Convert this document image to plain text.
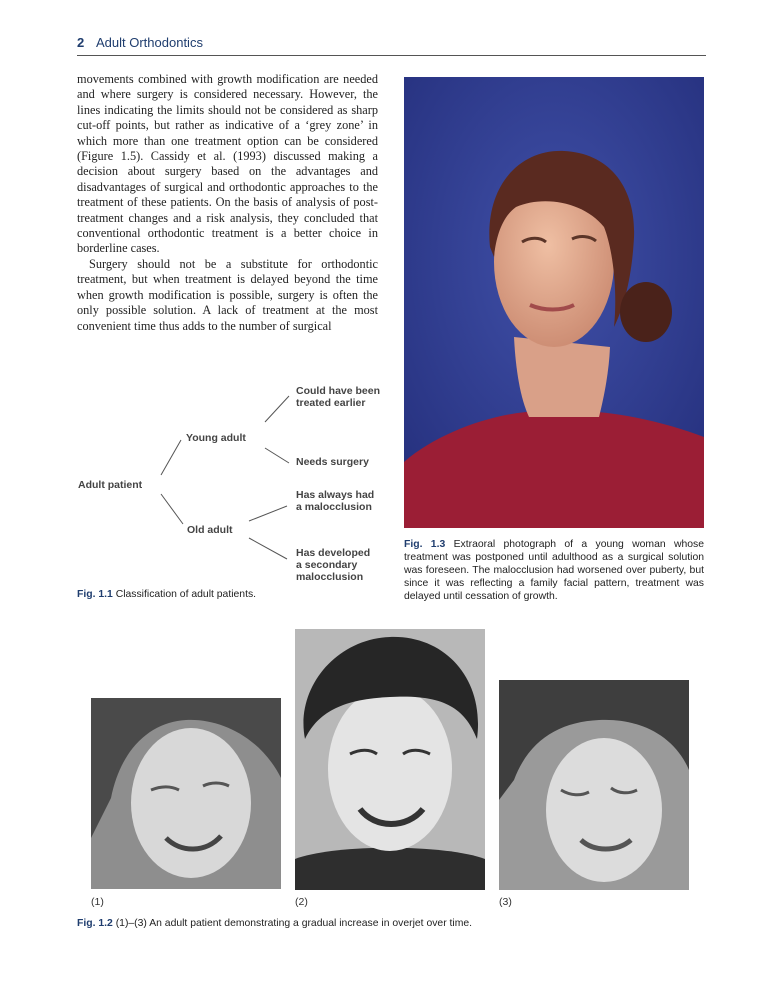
2 Adult Orthodontics

movements combined with growth modification are needed and where surgery is considered necessary. However, the lines indicating the limits should not be considered as sharp cut-off points, but rather as indicative of a ‘grey zone’ in which more than one treatment option can be considered (Figure 1.5). Cassidy et al. (1993) discussed making a decision about surgery based on the advantages and disadvantages of surgical and orthodontic approaches to the treatment of these patients. On the basis of analysis of post-treatment changes and a risk analysis, they concluded that conventional orthodontic treatment is a better choice in borderline cases.

Surgery should not be a substitute for orthodontic treatment, but when treatment is delayed beyond the time when growth modification is possible, surgery is often the only possible solution. A lack of treatment at the most convenient time thus adds to the number of surgical

Adult patient
Young adult
Old adult
Could have been treated earlier
Needs surgery
Has always had a malocclusion
Has developed a secondary malocclusion
Fig. 1.1 Classification of adult patients.
Fig. 1.3 Extraoral photograph of a young woman whose treatment was postponed until adulthood as a surgical solution was foreseen. The malocclusion had worsened over puberty, but since it was reflecting a family facial pattern, treatment was delayed until cessation of growth.
(1)	(2)	(3)
Fig. 1.2 (1)–(3) An adult patient demonstrating a gradual increase in overjet over time.
